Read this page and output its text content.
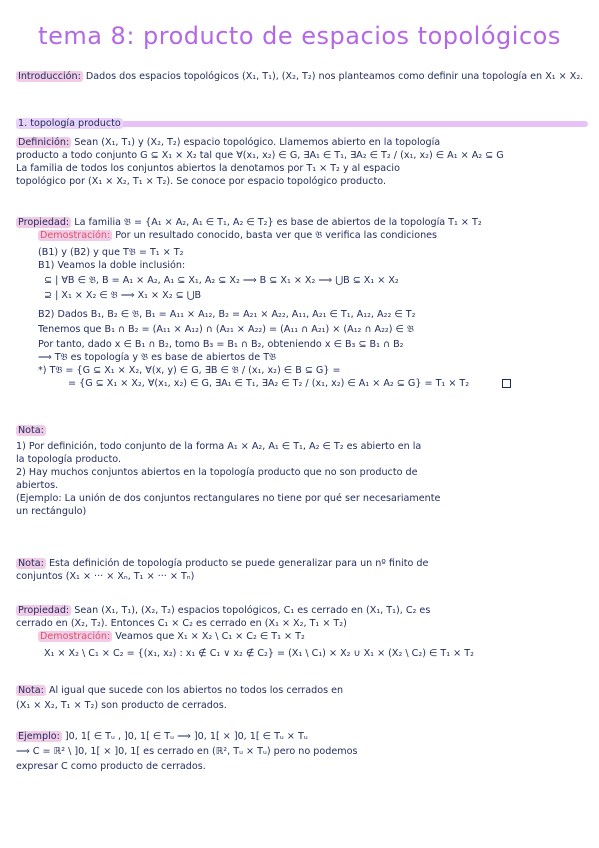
tema 8: producto de espacios topológicos
Introducción: Dados dos espacios topológicos (X₁, T₁), (X₂, T₂) nos planteamos como definir una topología en X₁ × X₂.
1. topología producto
Definición: Sean (X₁, T₁) y (X₂, T₂) espacio topológico. Llamemos abierto en la topología
producto a todo conjunto G ⊆ X₁ × X₂ tal que ∀(x₁, x₂) ∈ G, ∃A₁ ∈ T₁, ∃A₂ ∈ T₂ / (x₁, x₂) ∈ A₁ × A₂ ⊆ G
La familia de todos los conjuntos abiertos la denotamos por T₁ × T₂ y al espacio
topológico por (X₁ × X₂, T₁ × T₂). Se conoce por espacio topológico producto.
Propiedad: La familia 𝔅 = {A₁ × A₂, A₁ ∈ T₁, A₂ ∈ T₂} es base de abiertos de la topología T₁ × T₂
Demostración: Por un resultado conocido, basta ver que 𝔅 verifica las condiciones
(B1) y (B2) y que T𝔅 = T₁ × T₂
B1) Veamos la doble inclusión:
⊆ | ∀B ∈ 𝔅, B = A₁ × A₂, A₁ ⊆ X₁, A₂ ⊆ X₂ ⟹ B ⊆ X₁ × X₂ ⟹ ⋃B ⊆ X₁ × X₂
⊇ | X₁ × X₂ ∈ 𝔅 ⟹ X₁ × X₂ ⊆ ⋃B
B2) Dados B₁, B₂ ∈ 𝔅, B₁ = A₁₁ × A₁₂, B₂ = A₂₁ × A₂₂, A₁₁, A₂₁ ∈ T₁, A₁₂, A₂₂ ∈ T₂
Tenemos que B₁ ∩ B₂ = (A₁₁ × A₁₂) ∩ (A₂₁ × A₂₂) = (A₁₁ ∩ A₂₁) × (A₁₂ ∩ A₂₂) ∈ 𝔅
Por tanto, dado x ∈ B₁ ∩ B₂, tomo B₃ = B₁ ∩ B₂, obteniendo x ∈ B₃ ⊆ B₁ ∩ B₂
⟹ T𝔅 es topología y 𝔅 es base de abiertos de T𝔅
*) T𝔅 = {G ⊆ X₁ × X₂, ∀(x, y) ∈ G, ∃B ∈ 𝔅 / (x₁, x₂) ∈ B ⊆ G} =
= {G ⊆ X₁ × X₂, ∀(x₁, x₂) ∈ G, ∃A₁ ∈ T₁, ∃A₂ ∈ T₂ / (x₁, x₂) ∈ A₁ × A₂ ⊆ G} = T₁ × T₂
Nota:
1) Por definición, todo conjunto de la forma A₁ × A₂, A₁ ∈ T₁, A₂ ∈ T₂ es abierto en la
la topología producto.
2) Hay muchos conjuntos abiertos en la topología producto que no son producto de
abiertos.
(Ejemplo: La unión de dos conjuntos rectangulares no tiene por qué ser necesariamente
un rectángulo)
Nota: Esta definición de topología producto se puede generalizar para un nº finito de
conjuntos (X₁ × ··· × Xₙ, T₁ × ··· × Tₙ)
Propiedad: Sean (X₁, T₁), (X₂, T₂) espacios topológicos, C₁ es cerrado en (X₁, T₁), C₂ es
cerrado en (X₂, T₂). Entonces C₁ × C₂ es cerrado en (X₁ × X₂, T₁ × T₂)
Demostración: Veamos que X₁ × X₂ \ C₁ × C₂ ∈ T₁ × T₂
X₁ × X₂ \ C₁ × C₂ = {(x₁, x₂) : x₁ ∉ C₁ ∨ x₂ ∉ C₂} = (X₁ \ C₁) × X₂ ∪ X₁ × (X₂ \ C₂) ∈ T₁ × T₂
Nota: Al igual que sucede con los abiertos no todos los cerrados en
(X₁ × X₂, T₁ × T₂) son producto de cerrados.
Ejemplo: ]0, 1[ ∈ Tᵤ , ]0, 1[ ∈ Tᵤ ⟹ ]0, 1[ × ]0, 1[ ∈ Tᵤ × Tᵤ
⟹ C = ℝ² \ ]0, 1[ × ]0, 1[ es cerrado en (ℝ², Tᵤ × Tᵤ) pero no podemos
expresar C como producto de cerrados.
